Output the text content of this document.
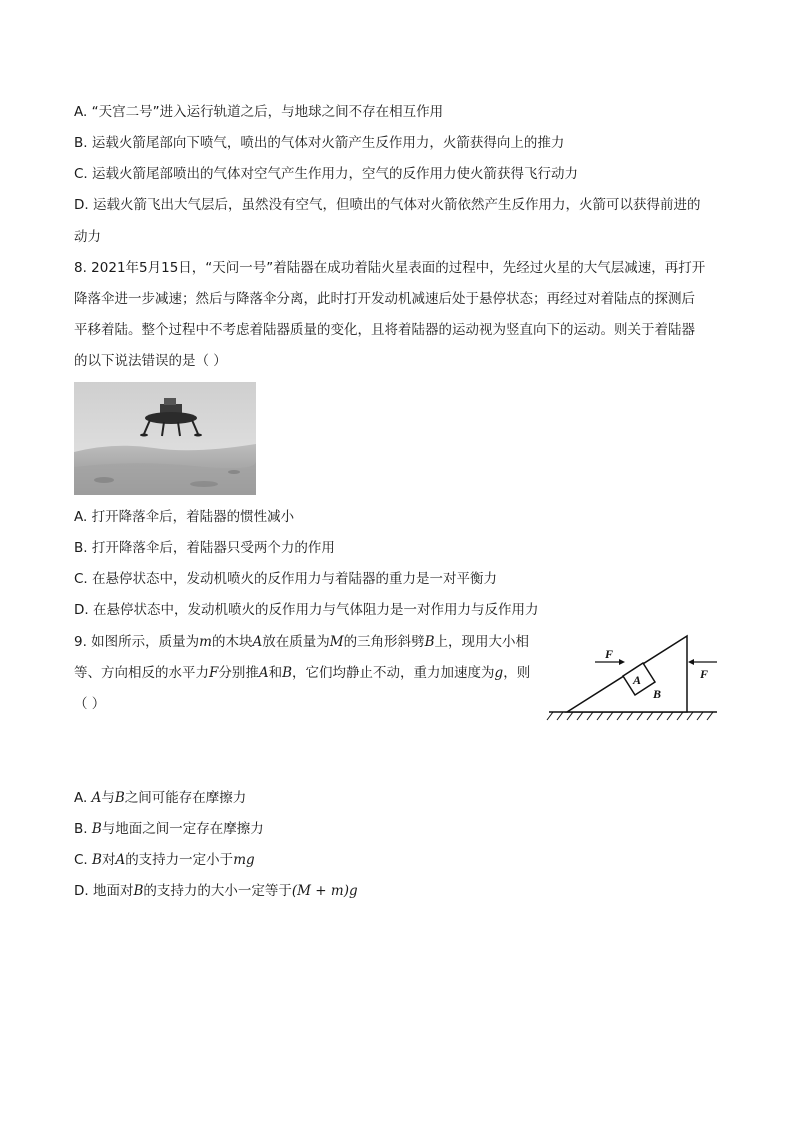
A. “天宫二号”进入运行轨道之后，与地球之间不存在相互作用
B. 运载火箭尾部向下喷气，喷出的气体对火箭产生反作用力，火箭获得向上的推力
C. 运载火箭尾部喷出的气体对空气产生作用力，空气的反作用力使火箭获得飞行动力
D. 运载火箭飞出大气层后，虽然没有空气，但喷出的气体对火箭依然产生反作用力，火箭可以获得前进的
动力
8. 2021年5月15日，“天问一号”着陆器在成功着陆火星表面的过程中，先经过火星的大气层减速，再打开
降落伞进一步减速；然后与降落伞分离，此时打开发动机减速后处于悬停状态；再经过对着陆点的探测后
平移着陆。整个过程中不考虑着陆器质量的变化，且将着陆器的运动视为竖直向下的运动。则关于着陆器
的以下说法错误的是（ ）
A. 打开降落伞后，着陆器的惯性减小
B. 打开降落伞后，着陆器只受两个力的作用
C. 在悬停状态中，发动机喷火的反作用力与着陆器的重力是一对平衡力
D. 在悬停状态中，发动机喷火的反作用力与气体阻力是一对作用力与反作用力
9. 如图所示，质量为m的木块A放在质量为M的三角形斜劈B上，现用大小相
等、方向相反的水平力F分别推A和B，它们均静止不动，重力加速度为g，则
（ ）
F
A
B
F
A. A与B之间可能存在摩擦力
B. B与地面之间一定存在摩擦力
C. B对A的支持力一定小于mg
D. 地面对B的支持力的大小一定等于(M + m)g
